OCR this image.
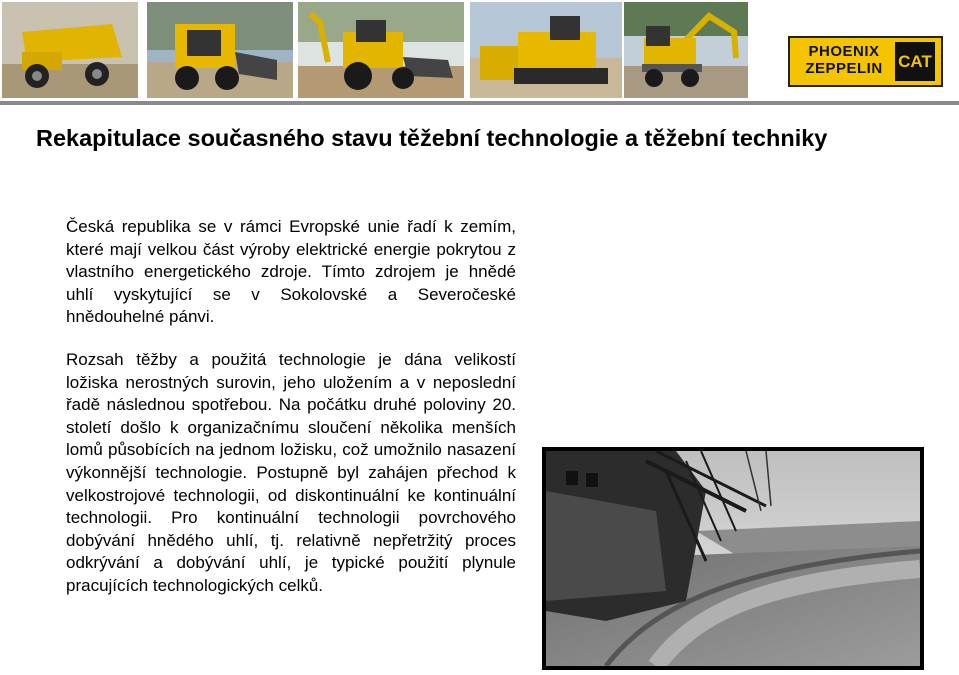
PHOENIX
ZEPPELIN CAT
Rekapitulace současného stavu těžební technologie a těžební techniky

Česká republika se v rámci Evropské unie řadí k zemím, které mají velkou část výroby elektrické energie pokrytou z vlastního energetického zdroje. Tímto zdrojem je hnědé uhlí vyskytující se v Sokolovské a Severočeské hnědouhelné pánvi.

Rozsah těžby a použitá technologie je dána velikostí ložiska nerostných surovin, jeho uložením a v neposlední řadě následnou spotřebou. Na počátku druhé poloviny 20. století došlo k organizačnímu sloučení několika menších lomů působících na jednom ložisku, což umožnilo nasazení výkonnější technologie. Postupně byl zahájen přechod k velkostrojové technologii, od diskontinuální ke kontinuální technologii. Pro kontinuální technologii povrchového dobývání hnědého uhlí, tj. relativně nepřetržitý proces odkrývání a dobývání uhlí, je typické použití plynule pracujících technologických celků.
